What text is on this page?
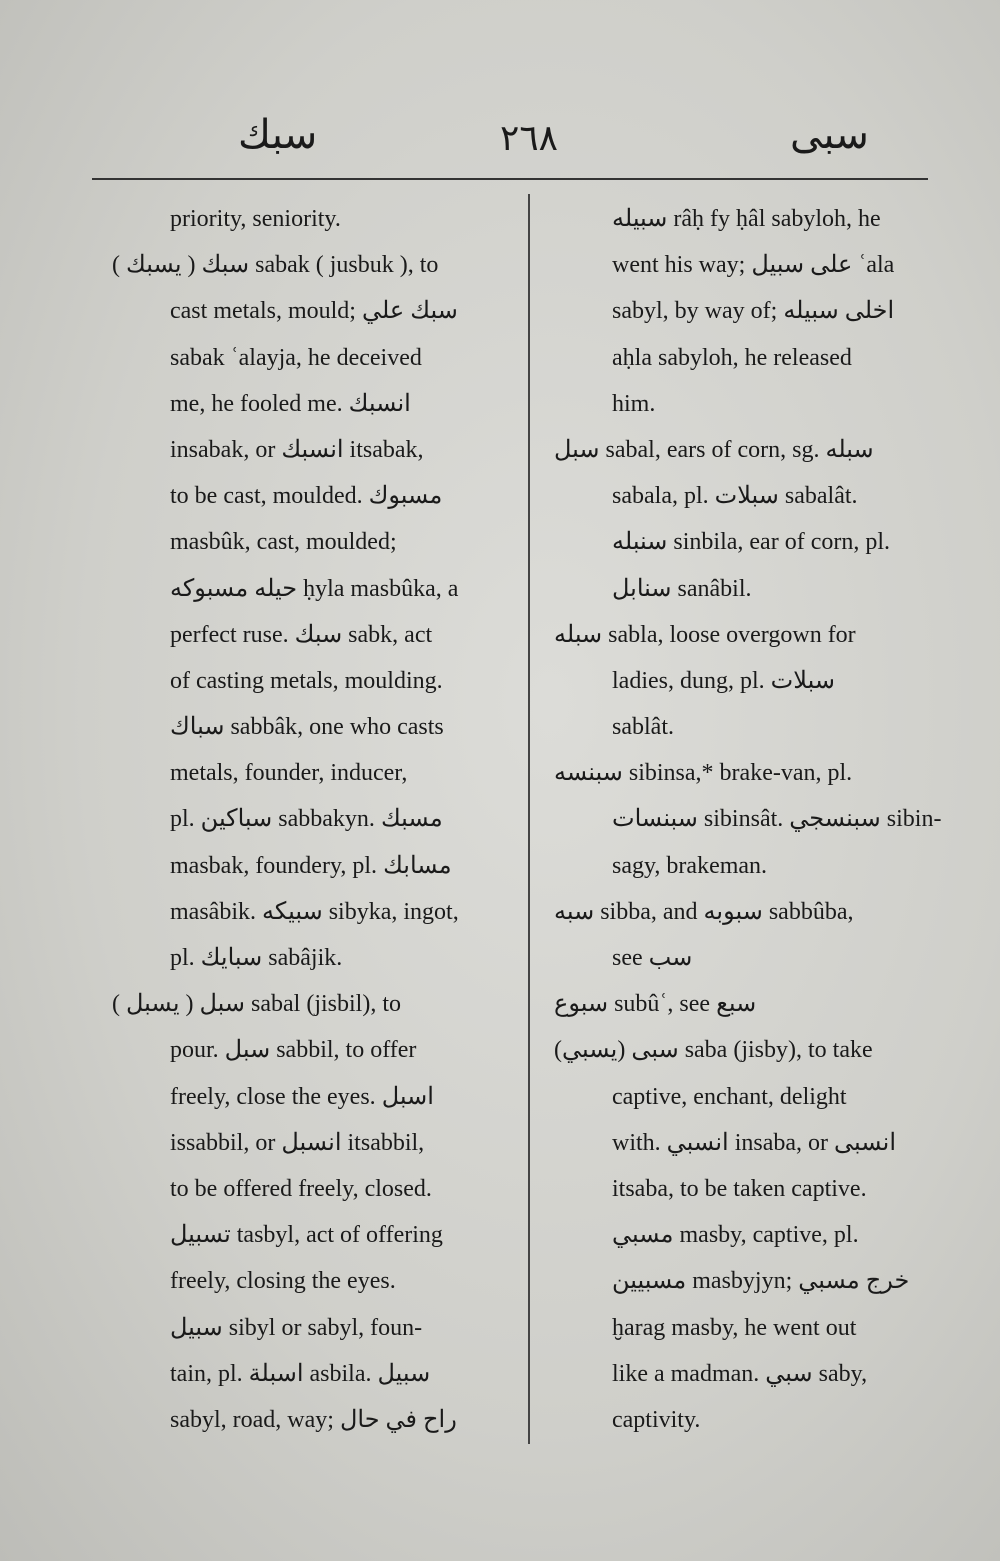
سبك	٢٦٨	سبى
priority, seniority.
سبك ( يسبك ) sabak ( jusbuk ), to
cast metals, mould; سبك علي
sabak ʿalayja, he deceived
me, he fooled me. انسبك
insabak, or انسبك itsabak,
to be cast, moulded. مسبوك
masbûk, cast, moulded;
حيله مسبوكه ḥyla masbûka, a
perfect ruse. سبك sabk, act
of casting metals, moulding.
سباك sabbâk, one who casts
metals, founder, inducer,
pl. سباكين sabbakyn. مسبك
masbak, foundery, pl. مسابك
masâbik. سبيكه sibyka, ingot,
pl. سبايك sabâjik.
سبل ( يسبل ) sabal (jisbil), to
pour. سبل sabbil, to offer
freely, close the eyes. اسبل
issabbil, or انسبل itsabbil,
to be offered freely, closed.
تسبيل tasbyl, act of offering
freely, closing the eyes.
سبيل sibyl or sabyl, foun-
tain, pl. اسبلة asbila. سبيل
sabyl, road, way; راح في حال
سبيله râḥ fy ḥâl sabyloh, he
went his way; على سبيل ʿala
sabyl, by way of; اخلى سبيله
aḥla sabyloh, he released
him.
سبل sabal, ears of corn, sg. سبله
sabala, pl. سبلات sabalât.
سنبله sinbila, ear of corn, pl.
سنابل sanâbil.
سبله sabla, loose overgown for
ladies, dung, pl. سبلات
sablât.
سبنسه sibinsa,* brake-van, pl.
سبنسات sibinsât. سبنسجي sibin-
sagy, brakeman.
سبه sibba, and سبوبه sabbûba,
see سب
سبوع subûʿ, see سبع
سبى (يسبي) saba (jisby), to take
captive, enchant, delight
with. انسبي insaba, or انسبى
itsaba, to be taken captive.
مسبي masby, captive, pl.
مسبيين masbyjyn; خرج مسبي
ḫarag masby, he went out
like a madman. سبي saby,
captivity.
